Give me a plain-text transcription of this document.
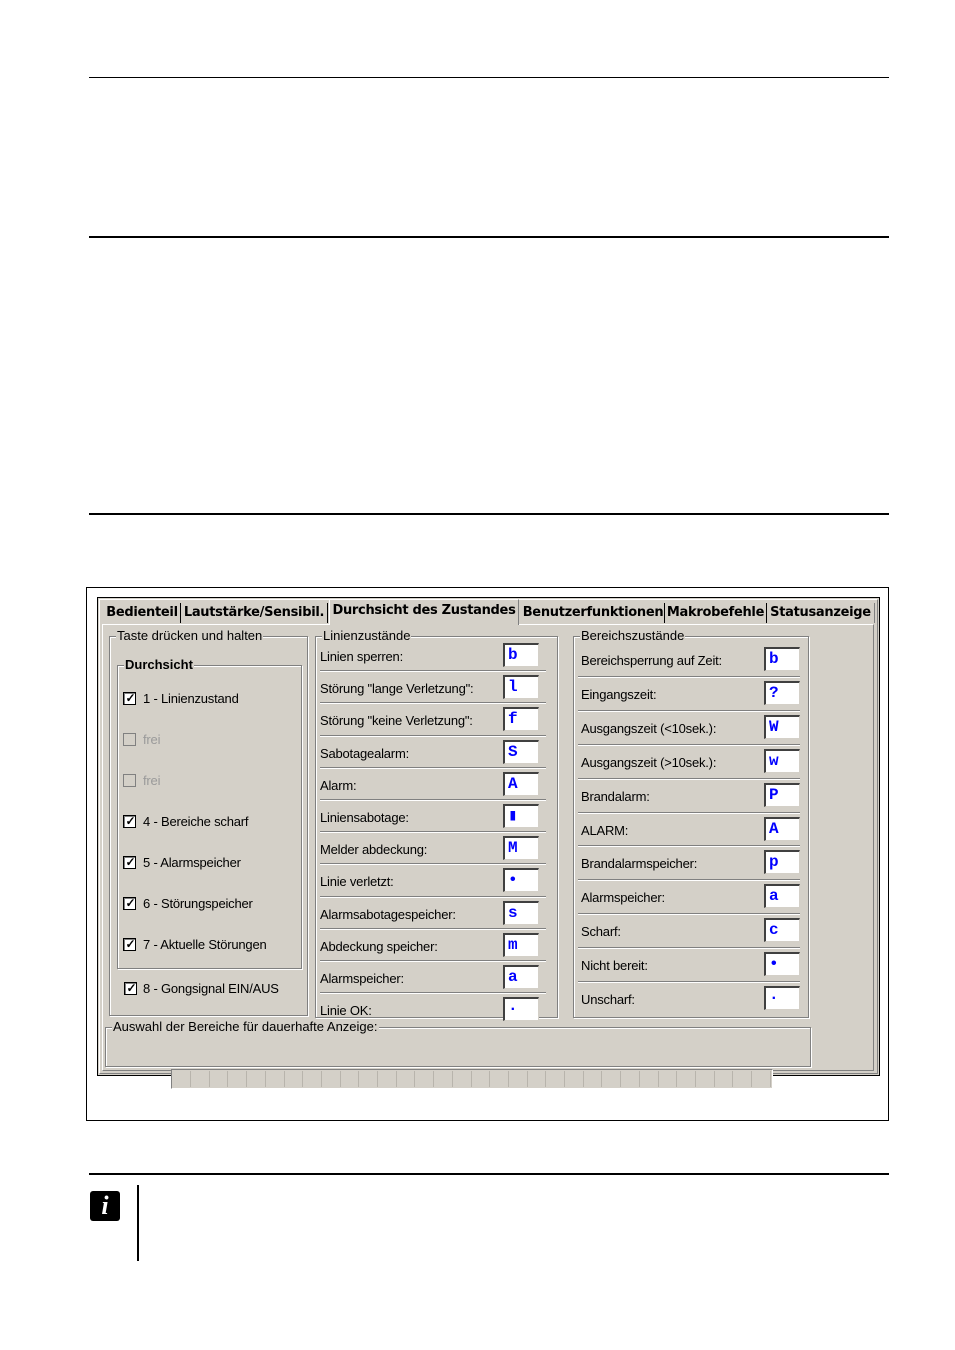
Bedienteil Lautstärke/Sensibil. Durchsicht des Zustandes Benutzerfunktionen Makrobefehle Statusanzeige
Taste drücken und halten
Durchsicht
✓ 1 - Linienzustand
frei
frei
✓ 4 - Bereiche scharf
✓ 5 - Alarmspeicher
✓ 6 - Störungspeicher
✓ 7 - Aktuelle Störungen
✓ 8 - Gongsignal EIN/AUS
Linienzustände
Linien sperren:	b
Störung "lange Verletzung":	l
Störung "keine Verletzung":	f
Sabotagealarm:	S
Alarm:	A
Liniensabotage:	▮
Melder abdeckung:	M
Linie verletzt:	•
Alarmsabotagespeicher:	s
Abdeckung speicher:	m
Alarmspeicher:	a
Linie OK:	·
Bereichszustände
Bereichsperrung auf Zeit:	b
Eingangszeit:	?
Ausgangszeit (<10sek.):	W
Ausgangszeit (>10sek.):	w
Brandalarm:	P
ALARM:	A
Brandalarmspeicher:	p
Alarmspeicher:	a
Scharf:	c
Nicht bereit:	•
Unscharf:	·
Auswahl der Bereiche für dauerhafte Anzeige:
i
